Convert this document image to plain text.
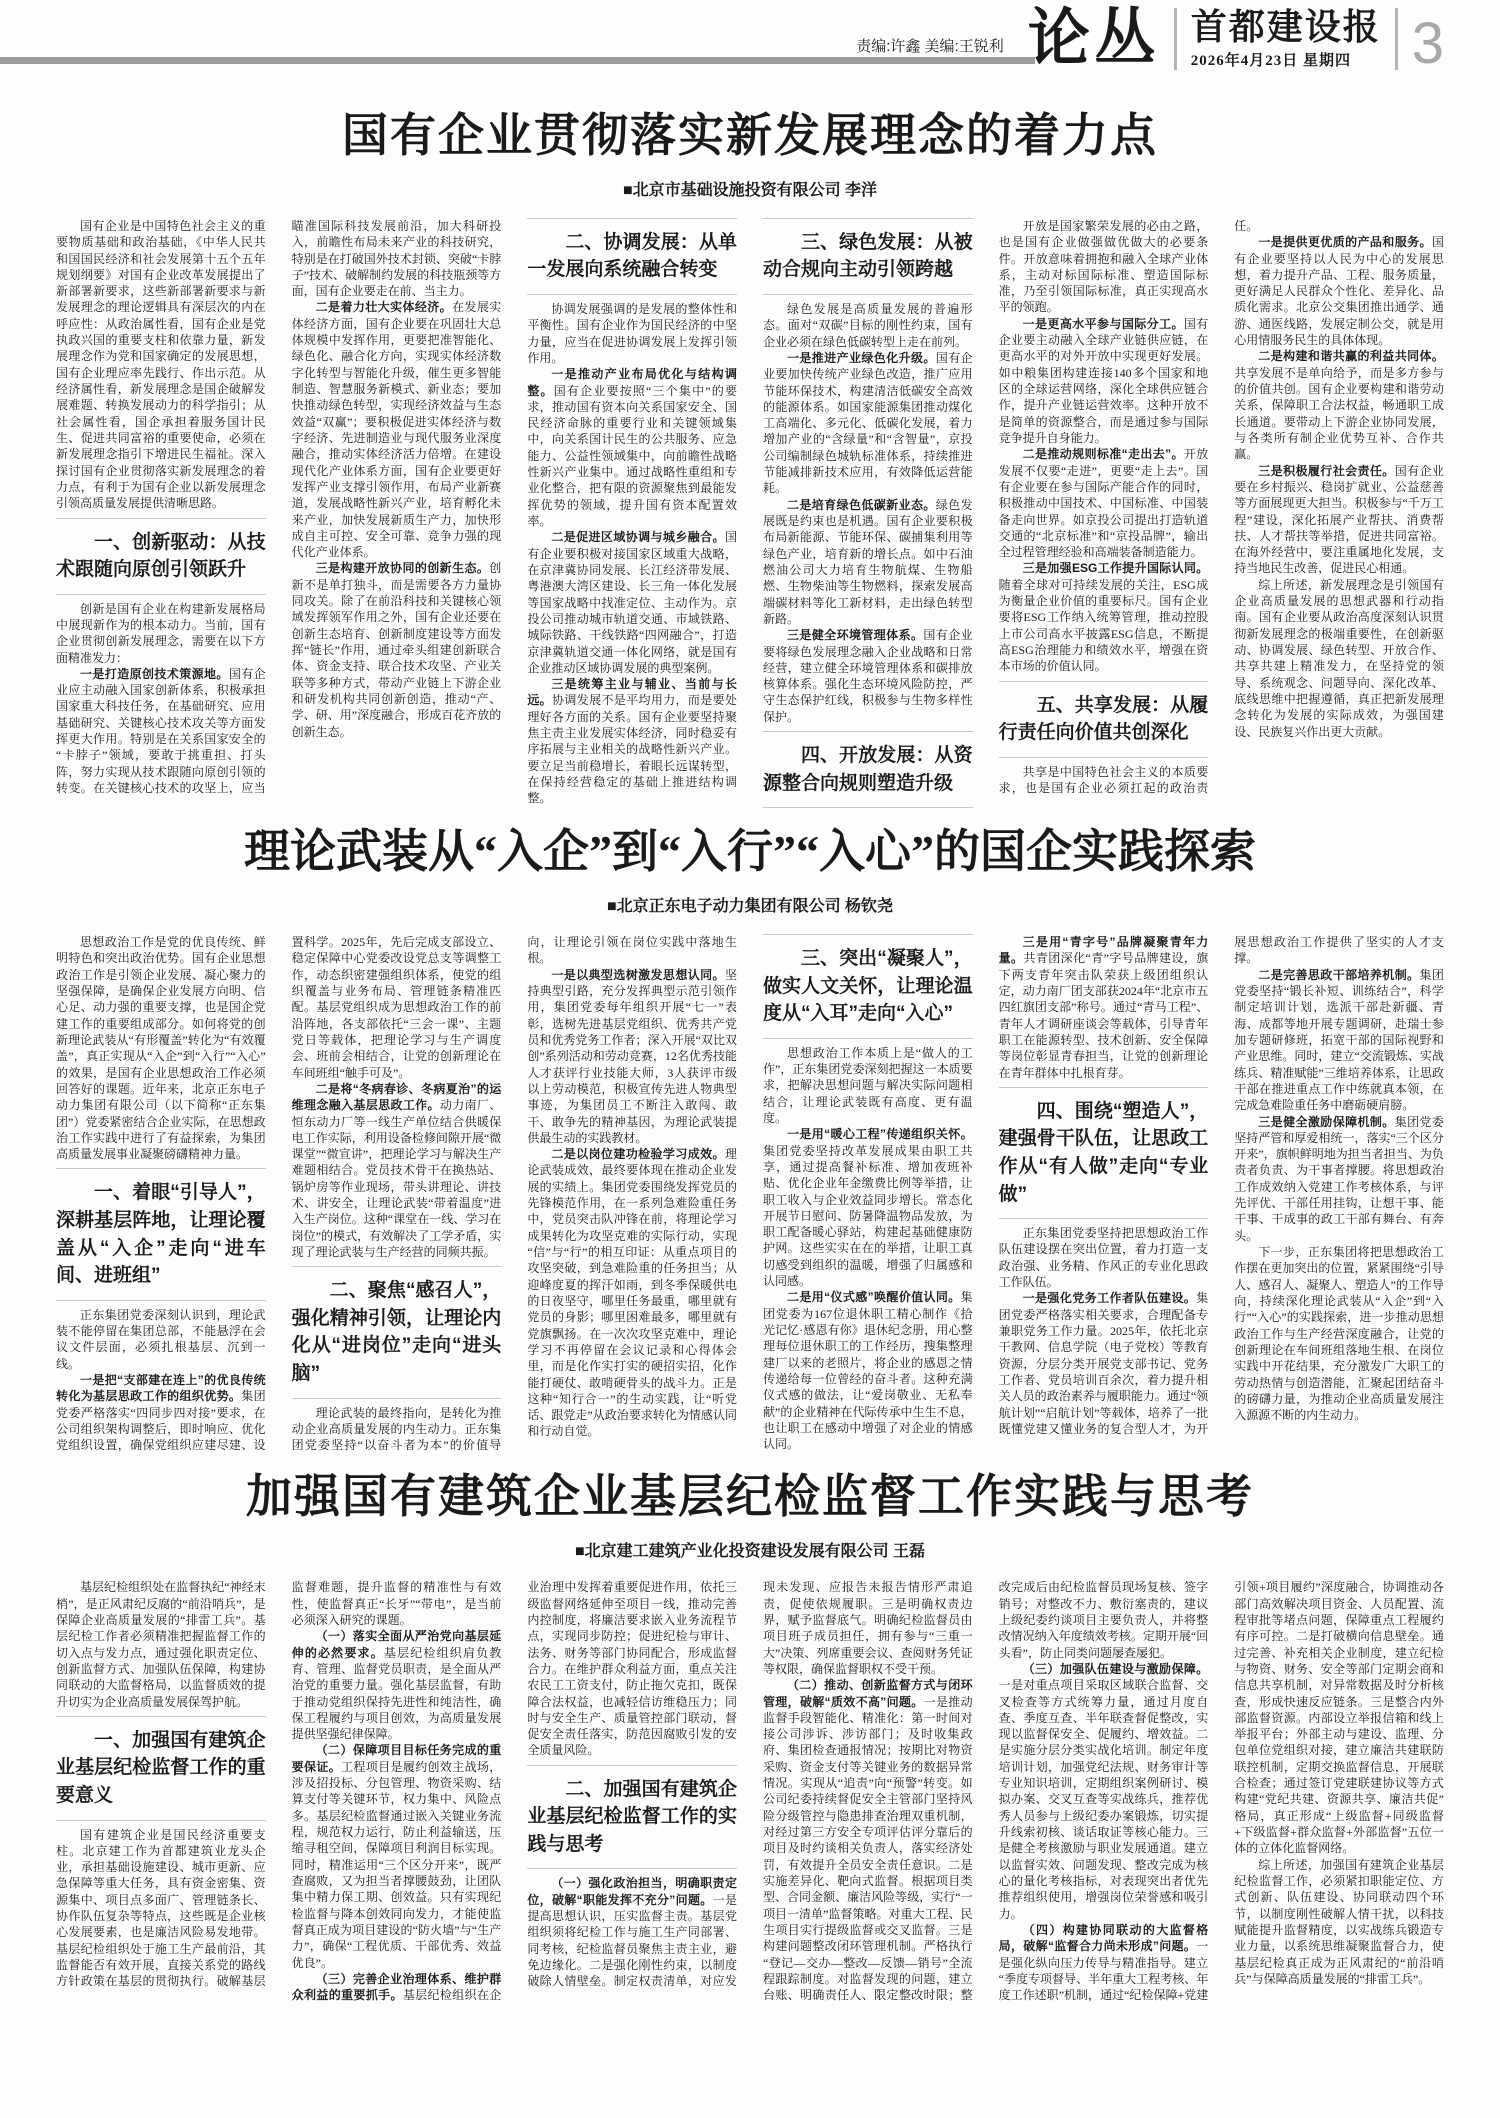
责编:许鑫 美编:王锐利 论丛 首都建设报
2026年4月23日 星期四	3
国有企业贯彻落实新发展理念的着力点
■北京市基础设施投资有限公司 李洋
国有企业是中国特色社会主义的重要物质基础和政治基础，《中华人民共和国国民经济和社会发展第十五个五年规划纲要》对国有企业改革发展提出了新部署新要求，这些新部署新要求与新发展理念的理论逻辑具有深层次的内在呼应性：从政治属性看，国有企业是党执政兴国的重要支柱和依靠力量，新发展理念作为党和国家确定的发展思想，国有企业理应率先践行、作出示范。从经济属性看，新发展理念是国企破解发展难题、转换发展动力的科学指引；从社会属性看，国企承担着服务国计民生、促进共同富裕的重要使命，必须在新发展理念指引下增进民生福祉。深入探讨国有企业贯彻落实新发展理念的着力点，有利于为国有企业以新发展理念引领高质量发展提供清晰思路。
一、创新驱动：从技术跟随向原创引领跃升
创新是国有企业在构建新发展格局中展现新作为的根本动力。当前，国有企业贯彻创新发展理念，需要在以下方面精准发力：
一是打造原创技术策源地。国有企业应主动融入国家创新体系，积极承担国家重大科技任务，在基础研究、应用基础研究、关键核心技术攻关等方面发挥更大作用。特别是在关系国家安全的“卡脖子”领域，要敢于挑重担、打头阵，努力实现从技术跟随向原创引领的转变。在关键核心技术的攻坚上，应当瞄准国际科技发展前沿，加大科研投入，前瞻性布局未来产业的科技研究，特别是在打破国外技术封锁、突破“卡脖子”技术、破解制约发展的科技瓶颈等方面，国有企业要走在前、当主力。
二是着力壮大实体经济。在发展实体经济方面，国有企业要在巩固壮大总体规模中发挥作用，更要把准智能化、绿色化、融合化方向，实现实体经济数字化转型与智能化升级，催生更多智能制造、智慧服务新模式、新业态；要加快推动绿色转型，实现经济效益与生态效益“双赢”；要积极促进实体经济与数字经济、先进制造业与现代服务业深度融合，推动实体经济活力倍增。在建设现代化产业体系方面，国有企业要更好发挥产业支撑引领作用，布局产业新赛道，发展战略性新兴产业，培育孵化未来产业，加快发展新质生产力，加快形成自主可控、安全可靠、竞争力强的现代化产业体系。
三是构建开放协同的创新生态。创新不是单打独斗，而是需要各方力量协同攻关。除了在前沿科技和关键核心领域发挥领军作用之外，国有企业还要在创新生态培育、创新制度建设等方面发挥“链长”作用，通过牵头组建创新联合体、资金支持、联合技术攻坚、产业关联等多种方式，带动产业链上下游企业和研发机构共同创新创造，推动“产、学、研、用”深度融合，形成百花齐放的创新生态。
二、协调发展：从单一发展向系统融合转变
协调发展强调的是发展的整体性和平衡性。国有企业作为国民经济的中坚力量，应当在促进协调发展上发挥引领作用。
一是推动产业布局优化与结构调整。国有企业要按照“三个集中”的要求，推动国有资本向关系国家安全、国民经济命脉的重要行业和关键领域集中，向关系国计民生的公共服务、应急能力、公益性领域集中，向前瞻性战略性新兴产业集中。通过战略性重组和专业化整合，把有限的资源聚焦到最能发挥优势的领域，提升国有资本配置效率。
二是促进区域协调与城乡融合。国有企业要积极对接国家区域重大战略，在京津冀协同发展、长江经济带发展、粤港澳大湾区建设、长三角一体化发展等国家战略中找准定位、主动作为。京投公司推动城市轨道交通、市域铁路、城际铁路、干线铁路“四网融合”，打造京津冀轨道交通一体化网络，就是国有企业推动区域协调发展的典型案例。
三是统筹主业与辅业、当前与长远。协调发展不是平均用力，而是要处理好各方面的关系。国有企业要坚持聚焦主责主业发展实体经济，同时稳妥有序拓展与主业相关的战略性新兴产业。要立足当前稳增长，着眼长远谋转型，在保持经营稳定的基础上推进结构调整。
三、绿色发展：从被动合规向主动引领跨越
绿色发展是高质量发展的普遍形态。面对“双碳”目标的刚性约束，国有企业必须在绿色低碳转型上走在前列。
一是推进产业绿色化升级。国有企业要加快传统产业绿色改造，推广应用节能环保技术，构建清洁低碳安全高效的能源体系。如国家能源集团推动煤化工高端化、多元化、低碳化发展，着力增加产业的“含绿量”和“含智量”，京投公司编制绿色城轨标准体系，持续推进节能减排新技术应用，有效降低运营能耗。
二是培育绿色低碳新业态。绿色发展既是约束也是机遇。国有企业要积极布局新能源、节能环保、碳捕集利用等绿色产业，培育新的增长点。如中石油燃油公司大力培育生物航煤、生物船燃、生物柴油等生物燃料，探索发展高端碳材料等化工新材料，走出绿色转型新路。
三是健全环境管理体系。国有企业要将绿色发展理念融入企业战略和日常经营，建立健全环境管理体系和碳排放核算体系。强化生态环境风险防控，严守生态保护红线，积极参与生物多样性保护。
四、开放发展：从资源整合向规则塑造升级
开放是国家繁荣发展的必由之路，也是国有企业做强做优做大的必要条件。开放意味着拥抱和融入全球产业体系，主动对标国际标准、塑造国际标准，乃至引领国际标准，真正实现高水平的领跑。
一是更高水平参与国际分工。国有企业要主动融入全球产业链供应链，在更高水平的对外开放中实现更好发展。如中粮集团构建连接140多个国家和地区的全球运营网络，深化全球供应链合作，提升产业链运营效率。这种开放不是简单的资源整合，而是通过参与国际竞争提升自身能力。
二是推动规则标准“走出去”。开放发展不仅要“走进”，更要“走上去”。国有企业要在参与国际产能合作的同时，积极推动中国技术、中国标准、中国装备走向世界。如京投公司提出打造轨道交通的“北京标准”和“京投品牌”，输出全过程管理经验和高端装备制造能力。
三是加强ESG工作提升国际认同。随着全球对可持续发展的关注，ESG成为衡量企业价值的重要标尺。国有企业要将ESG工作纳入统筹管理，推动控股上市公司高水平披露ESG信息，不断提高ESG治理能力和绩效水平，增强在资本市场的价值认同。
五、共享发展：从履行责任向价值共创深化
共享是中国特色社会主义的本质要求，也是国有企业必须扛起的政治责任。
一是提供更优质的产品和服务。国有企业要坚持以人民为中心的发展思想，着力提升产品、工程、服务质量，更好满足人民群众个性化、差异化、品质化需求。北京公交集团推出通学、通游、通医线路，发展定制公交，就是用心用情服务民生的具体体现。
二是构建和谐共赢的利益共同体。共享发展不是单向给予，而是多方参与的价值共创。国有企业要构建和谐劳动关系，保障职工合法权益，畅通职工成长通道。要带动上下游企业协同发展，与各类所有制企业优势互补、合作共赢。
三是积极履行社会责任。国有企业要在乡村振兴、稳岗扩就业、公益慈善等方面展现更大担当。积极参与“千万工程”建设，深化拓展产业帮扶、消费帮扶、人才帮扶等举措，促进共同富裕。在海外经营中，要注重属地化发展，支持当地民生改善，促进民心相通。
综上所述，新发展理念是引领国有企业高质量发展的思想武器和行动指南。国有企业要从政治高度深刻认识贯彻新发展理念的极端重要性，在创新驱动、协调发展、绿色转型、开放合作、共享共建上精准发力，在坚持党的领导、系统观念、问题导向、深化改革、底线思维中把握遵循，真正把新发展理念转化为发展的实际成效，为强国建设、民族复兴作出更大贡献。
理论武装从“入企”到“入行”“入心”的国企实践探索
■北京正东电子动力集团有限公司 杨钦尧
思想政治工作是党的优良传统、鲜明特色和突出政治优势。国有企业思想政治工作是引领企业发展、凝心聚力的坚强保障，是确保企业发展方向明、信心足、动力强的重要支撑，也是国企党建工作的重要组成部分。如何将党的创新理论武装从“有形覆盖”转化为“有效覆盖”，真正实现从“入企”到“入行”“入心”的效果，是国有企业思想政治工作必须回答好的课题。近年来，北京正东电子动力集团有限公司（以下简称“正东集团”）党委紧密结合企业实际，在思想政治工作实践中进行了有益探索，为集团高质量发展事业凝聚磅礴精神力量。
一、着眼“引导人”，深耕基层阵地，让理论覆盖从“入企”走向“进车间、进班组”
正东集团党委深刻认识到，理论武装不能停留在集团总部，不能悬浮在会议文件层面，必须扎根基层、沉到一线。
一是把“支部建在连上”的优良传统转化为基层思政工作的组织优势。集团党委严格落实“四同步四对接”要求，在公司组织架构调整后，即时响应、优化党组织设置，确保党组织应建尽建、设置科学。2025年，先后完成支部设立、稳定保障中心党委改设党总支等调整工作，动态织密建强组织体系，使党的组织覆盖与业务布局、管理链条精准匹配。基层党组织成为思想政治工作的前沿阵地，各支部依托“三会一课”、主题党日等载体，把理论学习与生产调度会、班前会相结合，让党的创新理论在车间班组“触手可及”。
二是将“冬病春诊、冬病夏治”的运维理念融入基层思政工作。动力南厂、恒东动力厂等一线生产单位结合供暖保电工作实际，利用设备检修间隙开展“微课堂”“微宣讲”，把理论学习与解决生产难题相结合。党员技术骨干在换热站、锅炉房等作业现场，带头讲理论、讲技术、讲安全，让理论武装“带着温度”进入生产岗位。这种“课堂在一线、学习在岗位”的模式，有效解决了工学矛盾，实现了理论武装与生产经营的同频共振。
二、聚焦“感召人”，强化精神引领，让理论内化从“进岗位”走向“进头脑”
理论武装的最终指向，是转化为推动企业高质量发展的内生动力。正东集团党委坚持“以奋斗者为本”的价值导向，让理论引领在岗位实践中落地生根。
一是以典型选树激发思想认同。坚持典型引路，充分发挥典型示范引领作用，集团党委每年组织开展“七一”表彰，选树先进基层党组织、优秀共产党员和优秀党务工作者；深入开展“双比双创”系列活动和劳动竞赛，12名优秀技能人才获评行业技能大师，3人获评市级以上劳动模范，积极宣传先进人物典型事迹，为集团员工不断注入敢闯、敢干、敢争先的精神基因，为理论武装提供最生动的实践教材。
二是以岗位建功检验学习成效。理论武装成效，最终要体现在推动企业发展的实绩上。集团党委围绕发挥党员的先锋模范作用，在一系列急难险重任务中，党员突击队冲锋在前，将理论学习成果转化为攻坚克难的实际行动，实现“信”与“行”的相互印证：从重点项目的攻坚突破，到急难险重的任务担当；从迎峰度夏的挥汗如雨，到冬季保暖供电的日夜坚守，哪里任务最重，哪里就有党员的身影；哪里困难最多，哪里就有党旗飘扬。在一次次攻坚克难中，理论学习不再停留在会议记录和心得体会里，而是化作实打实的硬招实招，化作能打硬仗、敢啃硬骨头的战斗力。正是这种“知行合一”的生动实践，让“听党话、跟党走”从政治要求转化为情感认同和行动自觉。
三、突出“凝聚人”，做实人文关怀，让理论温度从“入耳”走向“入心”
思想政治工作本质上是“做人的工作”，正东集团党委深刻把握这一本质要求，把解决思想问题与解决实际问题相结合，让理论武装既有高度、更有温度。
一是用“暖心工程”传递组织关怀。集团党委坚持改革发展成果由职工共享，通过提高餐补标准、增加夜班补贴、优化企业年金缴费比例等举措，让职工收入与企业效益同步增长。常态化开展节日慰问、防暑降温物品发放，为职工配备暖心驿站，构建起基础健康防护网。这些实实在在的举措，让职工真切感受到组织的温暖，增强了归属感和认同感。
二是用“仪式感”唤醒价值认同。集团党委为167位退休职工精心制作《拾光记忆·感恩有你》退休纪念册，用心整理每位退休职工的工作经历，搜集整理建厂以来的老照片，将企业的感恩之情传递给每一位曾经的奋斗者。这种充满仪式感的做法，让“爱岗敬业、无私奉献”的企业精神在代际传承中生生不息，也让职工在感动中增强了对企业的情感认同。
三是用“青字号”品牌凝聚青年力量。共青团深化“青”字号品牌建设，旗下两支青年突击队荣获上级团组织认定，动力南厂团支部获2024年“北京市五四红旗团支部”称号。通过“青马工程”、青年人才调研座谈会等载体，引导青年职工在能源转型、技术创新、安全保障等岗位彰显青春担当，让党的创新理论在青年群体中扎根育芽。
四、围绕“塑造人”，建强骨干队伍，让思政工作从“有人做”走向“专业做”
正东集团党委坚持把思想政治工作队伍建设摆在突出位置，着力打造一支政治强、业务精、作风正的专业化思政工作队伍。
一是强化党务工作者队伍建设。集团党委严格落实相关要求，合理配备专兼职党务工作力量。2025年，依托北京干教网、信息学院（电子党校）等教育资源，分层分类开展党支部书记、党务工作者、党员培训百余次，着力提升相关人员的政治素养与履职能力。通过“领航计划”“启航计划”等载体，培养了一批既懂党建又懂业务的复合型人才，为开展思想政治工作提供了坚实的人才支撑。
二是完善思政干部培养机制。集团党委坚持“锻长补短、训练结合”，科学制定培训计划，选派干部赴新疆、青海、成都等地开展专题调研，赴瑞士参加专题研修班，拓宽干部的国际视野和产业思维。同时，建立“交流锻炼、实战练兵、精准赋能”三维培养体系，让思政干部在推进重点工作中练就真本领，在完成急难险重任务中磨砺硬肩膀。
三是健全激励保障机制。集团党委坚持严管和厚爱相统一，落实“三个区分开来”，旗帜鲜明地为担当者担当、为负责者负责、为干事者撑腰。将思想政治工作成效纳入党建工作考核体系，与评先评优、干部任用挂钩，让想干事、能干事、干成事的政工干部有舞台、有奔头。
下一步，正东集团将把思想政治工作摆在更加突出的位置，紧紧围绕“引导人、感召人、凝聚人、塑造人”的工作导向，持续深化理论武装从“入企”到“入行”“入心”的实践探索，进一步推动思想政治工作与生产经营深度融合，让党的创新理论在车间班组落地生根、在岗位实践中开花结果，充分激发广大职工的劳动热情与创造潜能，汇聚起团结奋斗的磅礴力量，为推动企业高质量发展注入源源不断的内生动力。
加强国有建筑企业基层纪检监督工作实践与思考
■北京建工建筑产业化投资建设发展有限公司 王磊
基层纪检组织处在监督执纪“神经末梢”，是正风肃纪反腐的“前沿哨兵”，是保障企业高质量发展的“排雷工兵”。基层纪检工作者必须精准把握监督工作的切入点与发力点，通过强化职责定位、创新监督方式、加强队伍保障，构建协同联动的大监督格局，以监督质效的提升切实为企业高质量发展保驾护航。
一、加强国有建筑企业基层纪检监督工作的重要意义
国有建筑企业是国民经济重要支柱。北京建工作为首都建筑业龙头企业，承担基础设施建设、城市更新、应急保障等重大任务，具有资金密集、资源集中、项目点多面广、管理链条长、协作队伍复杂等特点，这些既是企业核心发展要素，也是廉洁风险易发地带。基层纪检组织处于施工生产最前沿，其监督能否有效开展，直接关系党的路线方针政策在基层的贯彻执行。破解基层监督难题，提升监督的精准性与有效性，使监督真正“长牙”“带电”，是当前必须深入研究的课题。
（一）落实全面从严治党向基层延伸的必然要求。基层纪检组织肩负教育、管理、监督党员职责，是全面从严治党的重要力量。强化基层监督，有助于推动党组织保持先进性和纯洁性，确保工程履约与项目创效，为高质量发展提供坚强纪律保障。
（二）保障项目目标任务完成的重要保证。工程项目是履约创效主战场，涉及招投标、分包管理、物资采购、结算支付等关键环节，权力集中、风险点多。基层纪检监督通过嵌入关键业务流程，规范权力运行，防止利益输送，压缩寻租空间，保障项目利润目标实现。同时，精准运用“三个区分开来”，既严查腐败，又为担当者撑腰鼓劲，让团队集中精力保工期、创效益。只有实现纪检监督与降本创效同向发力，才能使监督真正成为项目建设的“防火墙”与“生产力”，确保“工程优质、干部优秀、效益优良”。
（三）完善企业治理体系、维护群众利益的重要抓手。基层纪检组织在企业治理中发挥着重要促进作用，依托三级监督网络延伸至项目一线，推动完善内控制度，将廉洁要求嵌入业务流程节点，实现同步防控；促进纪检与审计、法务、财务等部门协同配合，形成监督合力。在维护群众利益方面，重点关注农民工工资支付，防止拖欠克扣，既保障合法权益，也减轻信访维稳压力；同时与安全生产、质量管控部门联动，督促安全责任落实，防范因腐败引发的安全质量风险。
二、加强国有建筑企业基层纪检监督工作的实践与思考
（一）强化政治担当，明确职责定位，破解“职能发挥不充分”问题。一是提高思想认识，压实监督主责。基层党组织须将纪检工作与施工生产同部署、同考核，纪检监督员聚焦主责主业，避免边缘化。二是强化刚性约束，以制度破除人情壁垒。制定权责清单，对应发现未发现、应报告未报告情形严肃追责，促使依规履职。三是明确权责边界，赋予监督底气。明确纪检监督员由项目班子成员担任，拥有参与“三重一大”决策、列席重要会议、查阅财务凭证等权限，确保监督职权不受干预。
（二）推动、创新监督方式与闭环管理，破解“质效不高”问题。一是推动监督手段智能化、精准化：第一时间对接公司涉诉、涉访部门；及时收集政府、集团检查通报情况；按期比对物资采购、资金支付等关键业务的数据异常情况。实现从“追责”向“预警”转变。如公司纪委持续督促安全主管部门坚持风险分级管控与隐患排查治理双重机制，对经过第三方安全专项评估评分靠后的项目及时约谈相关负责人，落实经济处罚，有效提升全员安全责任意识。二是实施差异化、靶向式监督。根据项目类型、合同金额、廉洁风险等级，实行“一项目一清单”监督策略。对重大工程、民生项目实行提级监督或交叉监督。三是构建问题整改闭环管理机制。严格执行“登记—交办—整改—反馈—销号”全流程跟踪制度。对监督发现的问题，建立台账、明确责任人、限定整改时限；整改完成后由纪检监督员现场复核、签字销号；对整改不力、敷衍塞责的，建议上级纪委约谈项目主要负责人，并将整改情况纳入年度绩效考核。定期开展“回头看”，防止同类问题屡查屡犯。
（三）加强队伍建设与激励保障。一是对重点项目采取区域联合监督、交叉检查等方式统筹力量，通过月度自查、季度互查、半年联查督促整改，实现以监督保安全、促履约、增效益。二是实施分层分类实战化培训。制定年度培训计划，加强党纪法规、财务审计等专业知识培训，定期组织案例研讨、模拟办案、交叉互查等实战练兵，推荐优秀人员参与上级纪委办案锻炼，切实提升线索初核、谈话取证等核心能力。三是健全考核激励与职业发展通道。建立以监督实效、问题发现、整改完成为核心的量化考核指标，对表现突出者优先推荐组织使用，增强岗位荣誉感和吸引力。
（四）构建协同联动的大监督格局，破解“监督合力尚未形成”问题。一是强化纵向压力传导与精准指导。建立“季度专项督导、半年重大工程考核、年度工作述职”机制，通过“纪检保障+党建引领+项目履约”深度融合，协调推动各部门高效解决项目资金、人员配置、流程审批等堵点问题，保障重点工程履约有序可控。二是打破横向信息壁垒。通过完善、补充相关企业制度，建立纪检与物资、财务、安全等部门定期会商和信息共享机制，对异常数据及时分析核查，形成快速反应链条。三是整合内外部监督资源。内部设立举报信箱和线上举报平台；外部主动与建设、监理、分包单位党组织对接，建立廉洁共建联防联控机制，定期交换监督信息，开展联合检查；通过签订党建联建协议等方式构建“党纪共建、资源共享、廉洁共促”格局，真正形成“上级监督+同级监督+下级监督+群众监督+外部监督”五位一体的立体化监督网络。
综上所述，加强国有建筑企业基层纪检监督工作，必须紧扣职能定位、方式创新、队伍建设、协同联动四个环节，以制度刚性破解人情干扰，以科技赋能提升监督精度，以实战练兵锻造专业力量，以系统思维凝聚监督合力，使基层纪检真正成为正风肃纪的“前沿哨兵”与保障高质量发展的“排雷工兵”。
